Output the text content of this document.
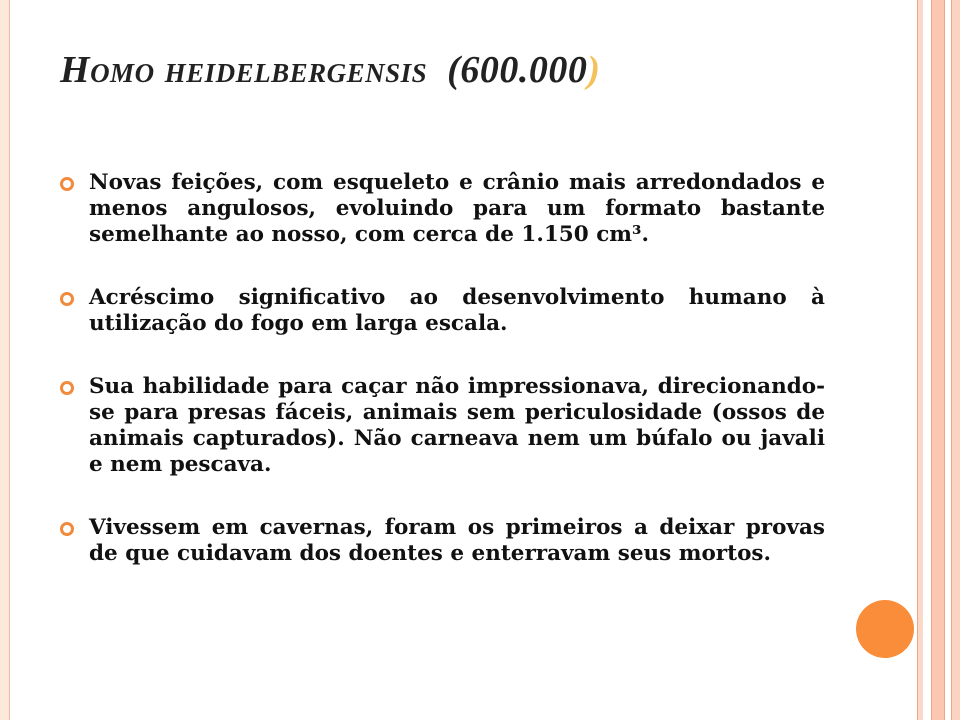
Homo heidelbergensis (600.000)
Novas feições, com esqueleto e crânio mais arredondados e menos angulosos, evoluindo para um formato bastante semelhante ao nosso, com cerca de 1.150 cm³.
Acréscimo significativo ao desenvolvimento humano à utilização do fogo em larga escala.
Sua habilidade para caçar não impressionava, direcionando-se para presas fáceis, animais sem periculosidade (ossos de animais capturados). Não carneava nem um búfalo ou javali e nem pescava.
Vivessem em cavernas, foram os primeiros a deixar provas de que cuidavam dos doentes e enterravam seus mortos.
